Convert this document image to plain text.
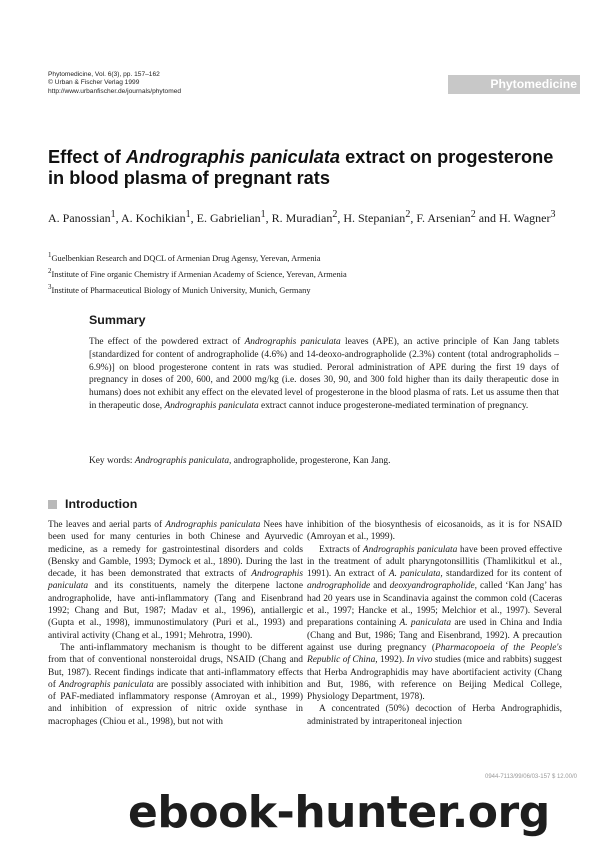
Phytomedicine, Vol. 6(3), pp. 157–162
© Urban & Fischer Verlag 1999
http://www.urbanfischer.de/journals/phytomed
Phytomedicine
Effect of Andrographis paniculata extract on progesterone in blood plasma of pregnant rats
A. Panossian$^1$, A. Kochikian$^1$, E. Gabrielian$^1$, R. Muradian$^2$, H. Stepanian$^2$, F. Arsenian$^2$ and H. Wagner$^3$
$^1$Guelbenkian Research and DQCL of Armenian Drug Agensy, Yerevan, Armenia
$^2$Institute of Fine organic Chemistry if Armenian Academy of Science, Yerevan, Armenia
$^3$Institute of Pharmaceutical Biology of Munich University, Munich, Germany
Summary
The effect of the powdered extract of Andrographis paniculata leaves (APE), an active principle of Kan Jang tablets [standardized for content of andrographolide (4.6%) and 14-deoxo-andrographolide (2.3%) content (total andrographolids – 6.9%)] on blood progesterone content in rats was studied. Peroral administration of APE during the first 19 days of pregnancy in doses of 200, 600, and 2000 mg/kg (i.e. doses 30, 90, and 300 fold higher than its daily therapeutic dose in humans) does not exhibit any effect on the elevated level of progesterone in the blood plasma of rats. Let us assume then that in therapeutic dose, Andrographis paniculata extract cannot induce progesterone-mediated termination of pregnancy.
Key words: Andrographis paniculata, andrographolide, progesterone, Kan Jang.
Introduction

The leaves and aerial parts of Andrographis paniculata Nees have been used for many centuries in both Chinese and Ayurvedic medicine, as a remedy for gastrointestinal disorders and colds (Bensky and Gamble, 1993; Dymock et al., 1890). During the last decade, it has been demonstrated that extracts of Andrographis paniculata and its constituents, namely the diterpene lactone andrographolide, have anti-inflammatory (Tang and Eisenbrand 1992; Chang and But, 1987; Madav et al., 1996), antiallergic (Gupta et al., 1998), immunostimulatory (Puri et al., 1993) and antiviral activity (Chang et al., 1991; Mehrotra, 1990).

The anti-inflammatory mechanism is thought to be different from that of conventional nonsteroidal drugs, NSAID (Chang and But, 1987). Recent findings indicate that anti-inflammatory effects of Andrographis paniculata are possibly associated with inhibition of PAF-mediated inflammatory response (Amroyan et al., 1999) and inhibition of expression of nitric oxide synthase in macrophages (Chiou et al., 1998), but not with

inhibition of the biosynthesis of eicosanoids, as it is for NSAID (Amroyan et al., 1999).

Extracts of Andrographis paniculata have been proved effective in the treatment of adult pharyngotonsillitis (Thamlikitkul et al., 1991). An extract of A. paniculata, standardized for its content of andrographolide and deoxyandrographolide, called ‘Kan Jang’ has had 20 years use in Scandinavia against the common cold (Caceras et al., 1997; Hancke et al., 1995; Melchior et al., 1997). Several preparations containing A. paniculata are used in China and India (Chang and But, 1986; Tang and Eisenbrand, 1992). A precaution against use during pregnancy (Pharmacopoeia of the People's Republic of China, 1992). In vivo studies (mice and rabbits) suggest that Herba Andrographidis may have abortifacient activity (Chang and But, 1986, with reference on Beijing Medical College, Physiology Department, 1978).

A concentrated (50%) decoction of Herba Andrographidis, administrated by intraperitoneal injection

0944-7113/99/06/03-157 $ 12.00/0
ebook-hunter.org
